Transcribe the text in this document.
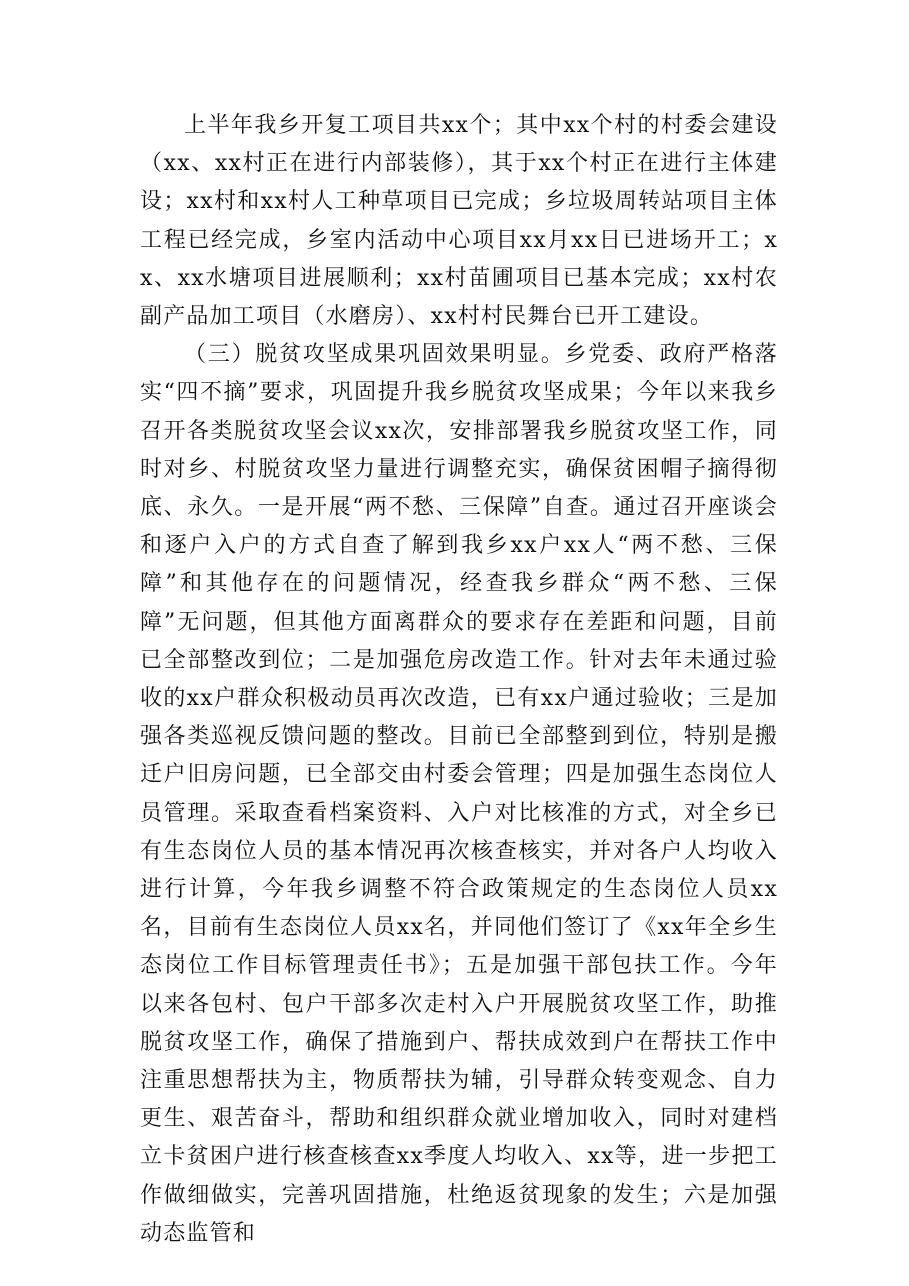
上半年我乡开复工项目共xx个；其中xx个村的村委会建设（xx、xx村正在进行内部装修），其于xx个村正在进行主体建设；xx村和xx村人工种草项目已完成；乡垃圾周转站项目主体工程已经完成，乡室内活动中心项目xx月xx日已进场开工；xx、xx水塘项目进展顺利；xx村苗圃项目已基本完成；xx村农副产品加工项目（水磨房）、xx村村民舞台已开工建设。

（三）脱贫攻坚成果巩固效果明显。乡党委、政府严格落实“四不摘”要求，巩固提升我乡脱贫攻坚成果；今年以来我乡召开各类脱贫攻坚会议xx次，安排部署我乡脱贫攻坚工作，同时对乡、村脱贫攻坚力量进行调整充实，确保贫困帽子摘得彻底、永久。一是开展“两不愁、三保障”自查。通过召开座谈会和逐户入户的方式自查了解到我乡xx户xx人“两不愁、三保障”和其他存在的问题情况，经查我乡群众“两不愁、三保障”无问题，但其他方面离群众的要求存在差距和问题，目前已全部整改到位；二是加强危房改造工作。针对去年未通过验收的xx户群众积极动员再次改造，已有xx户通过验收；三是加强各类巡视反馈问题的整改。目前已全部整到到位，特别是搬迁户旧房问题，已全部交由村委会管理；四是加强生态岗位人员管理。采取查看档案资料、入户对比核准的方式，对全乡已有生态岗位人员的基本情况再次核查核实，并对各户人均收入进行计算，今年我乡调整不符合政策规定的生态岗位人员xx名，目前有生态岗位人员xx名，并同他们签订了《xx年全乡生态岗位工作目标管理责任书》；五是加强干部包扶工作。今年以来各包村、包户干部多次走村入户开展脱贫攻坚工作，助推脱贫攻坚工作，确保了措施到户、帮扶成效到户在帮扶工作中注重思想帮扶为主，物质帮扶为辅，引导群众转变观念、自力更生、艰苦奋斗，帮助和组织群众就业增加收入，同时对建档立卡贫困户进行核查核查xx季度人均收入、xx等，进一步把工作做细做实，完善巩固措施，杜绝返贫现象的发生；六是加强动态监管和
